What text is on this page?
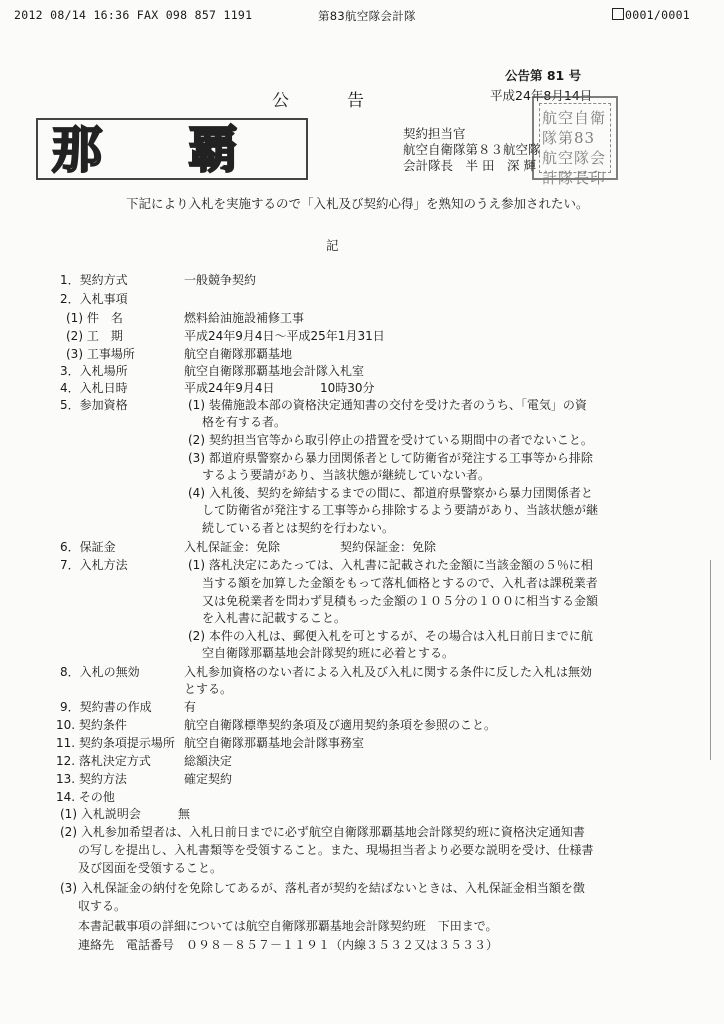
2012 08/14 16:36 FAX 098 857 1191	第83航空隊会計隊	0001/0001
公告
公告第 81 号
平成24年8月14日
那 覇
航空自衛隊第83航空隊会計隊長印
契約担当官
航空自衛隊第８３航空隊
会計隊長　半 田　深 輝
下記により入札を実施するので「入札及び契約心得」を熟知のうえ参加されたい。
記
1．契約方式	一般競争契約
2．入札事項
(1) 件　名	燃料給油施設補修工事
(2) 工　期	平成24年9月4日～平成25年1月31日
(3) 工事場所	航空自衛隊那覇基地
3．入札場所	航空自衛隊那覇基地会計隊入札室
4．入札日時	平成24年9月4日	10時30分
5．参加資格	(1) 装備施設本部の資格決定通知書の交付を受けた者のうち、「電気」の資
格を有する者。
(2) 契約担当官等から取引停止の措置を受けている期間中の者でないこと。
(3) 都道府県警察から暴力団関係者として防衛省が発注する工事等から排除
するよう要請があり、当該状態が継続していない者。
(4) 入札後、契約を締結するまでの間に、都道府県警察から暴力団関係者と
して防衛省が発注する工事等から排除するよう要請があり、当該状態が継
続している者とは契約を行わない。
6．保証金	入札保証金：免除	契約保証金：免除
7．入札方法	(1) 落札決定にあたっては、入札書に記載された金額に当該金額の５％に相
当する額を加算した金額をもって落札価格とするので、入札者は課税業者
又は免税業者を問わず見積もった金額の１０５分の１００に相当する金額
を入札書に記載すること。
(2) 本件の入札は、郵便入札を可とするが、その場合は入札日前日までに航
空自衛隊那覇基地会計隊契約班に必着とする。
8．入札の無効	入札参加資格のない者による入札及び入札に関する条件に反した入札は無効
とする。
9．契約書の作成	有
10. 契約条件	航空自衛隊標準契約条項及び適用契約条項を参照のこと。
11. 契約条項提示場所 航空自衛隊那覇基地会計隊事務室
12. 落札決定方式	総額決定
13. 契約方法	確定契約
14. その他
(1) 入札説明会	無
(2) 入札参加希望者は、入札日前日までに必ず航空自衛隊那覇基地会計隊契約班に資格決定通知書
の写しを提出し、入札書類等を受領すること。また、現場担当者より必要な説明を受け、仕様書
及び図面を受領すること。
(3) 入札保証金の納付を免除してあるが、落札者が契約を結ばないときは、入札保証金相当額を徴
収する。
本書記載事項の詳細については航空自衛隊那覇基地会計隊契約班　下田まで。
連絡先　電話番号　０９８－８５７－１１９１（内線３５３２又は３５３３）
